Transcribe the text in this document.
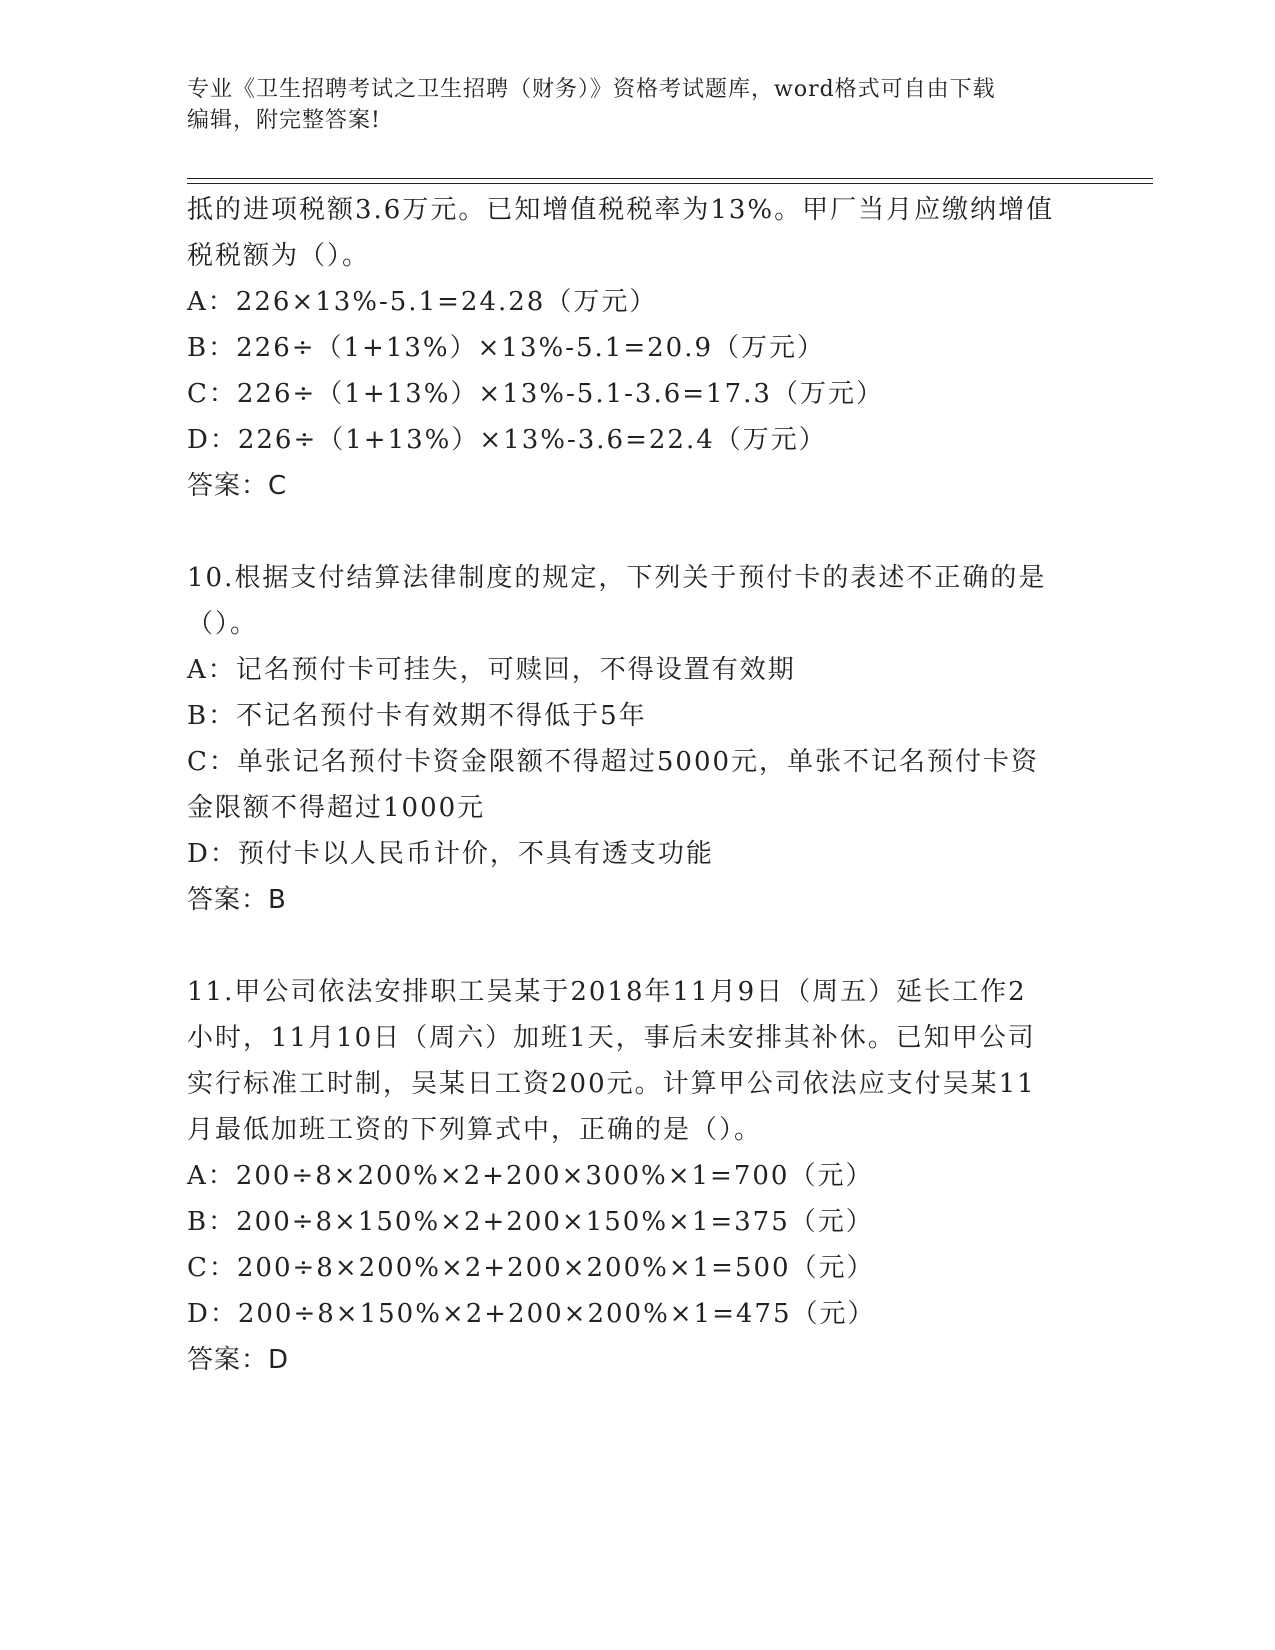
专业《卫生招聘考试之卫生招聘（财务）》资格考试题库，word格式可自由下载
编辑，附完整答案!
抵的进项税额3.6万元。已知增值税税率为13%。甲厂当月应缴纳增值
税税额为（）。
A：226×13%-5.1=24.28（万元）
B：226÷（1+13%）×13%-5.1=20.9（万元）
C：226÷（1+13%）×13%-5.1-3.6=17.3（万元）
D：226÷（1+13%）×13%-3.6=22.4（万元）
答案：C
10.根据支付结算法律制度的规定，下列关于预付卡的表述不正确的是
（）。
A：记名预付卡可挂失，可赎回，不得设置有效期
B：不记名预付卡有效期不得低于5年
C：单张记名预付卡资金限额不得超过5000元，单张不记名预付卡资
金限额不得超过1000元
D：预付卡以人民币计价，不具有透支功能
答案：B
11.甲公司依法安排职工吴某于2018年11月9日（周五）延长工作2
小时，11月10日（周六）加班1天，事后未安排其补休。已知甲公司
实行标准工时制，吴某日工资200元。计算甲公司依法应支付吴某11
月最低加班工资的下列算式中，正确的是（）。
A：200÷8×200%×2+200×300%×1=700（元）
B：200÷8×150%×2+200×150%×1=375（元）
C：200÷8×200%×2+200×200%×1=500（元）
D：200÷8×150%×2+200×200%×1=475（元）
答案：D
